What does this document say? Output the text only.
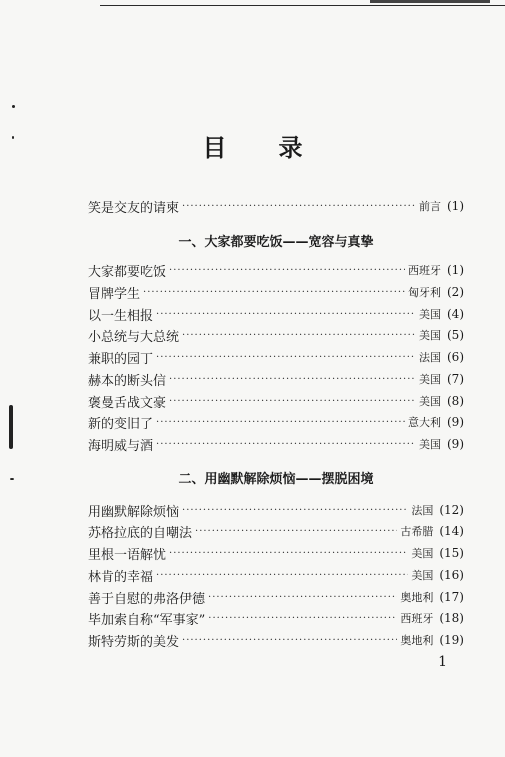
目 录
笑是交友的请柬 ·····	前言 (1)
一、大家都要吃饭——宽容与真挚
大家都要吃饭 ·····	西班牙 (1)
冒牌学生 ·····	匈牙利 (2)
以一生相报 ·····	美国 (4)
小总统与大总统 ·····	美国 (5)
兼职的园丁 ·····	法国 (6)
赫本的断头信 ·····	美国 (7)
褒曼舌战文豪 ·····	美国 (8)
新的变旧了 ·····	意大利 (9)
海明威与酒 ·····	美国 (9)
二、用幽默解除烦恼——摆脱困境
用幽默解除烦恼 ·····	法国 (12)
苏格拉底的自嘲法 ·····	古希腊 (14)
里根一语解忧 ·····	美国 (15)
林肯的幸福 ·····	美国 (16)
善于自慰的弗洛伊德 ·····	奥地利 (17)
毕加索自称“军事家” ·····	西班牙 (18)
斯特劳斯的美发 ·····	奥地利 (19)
1
